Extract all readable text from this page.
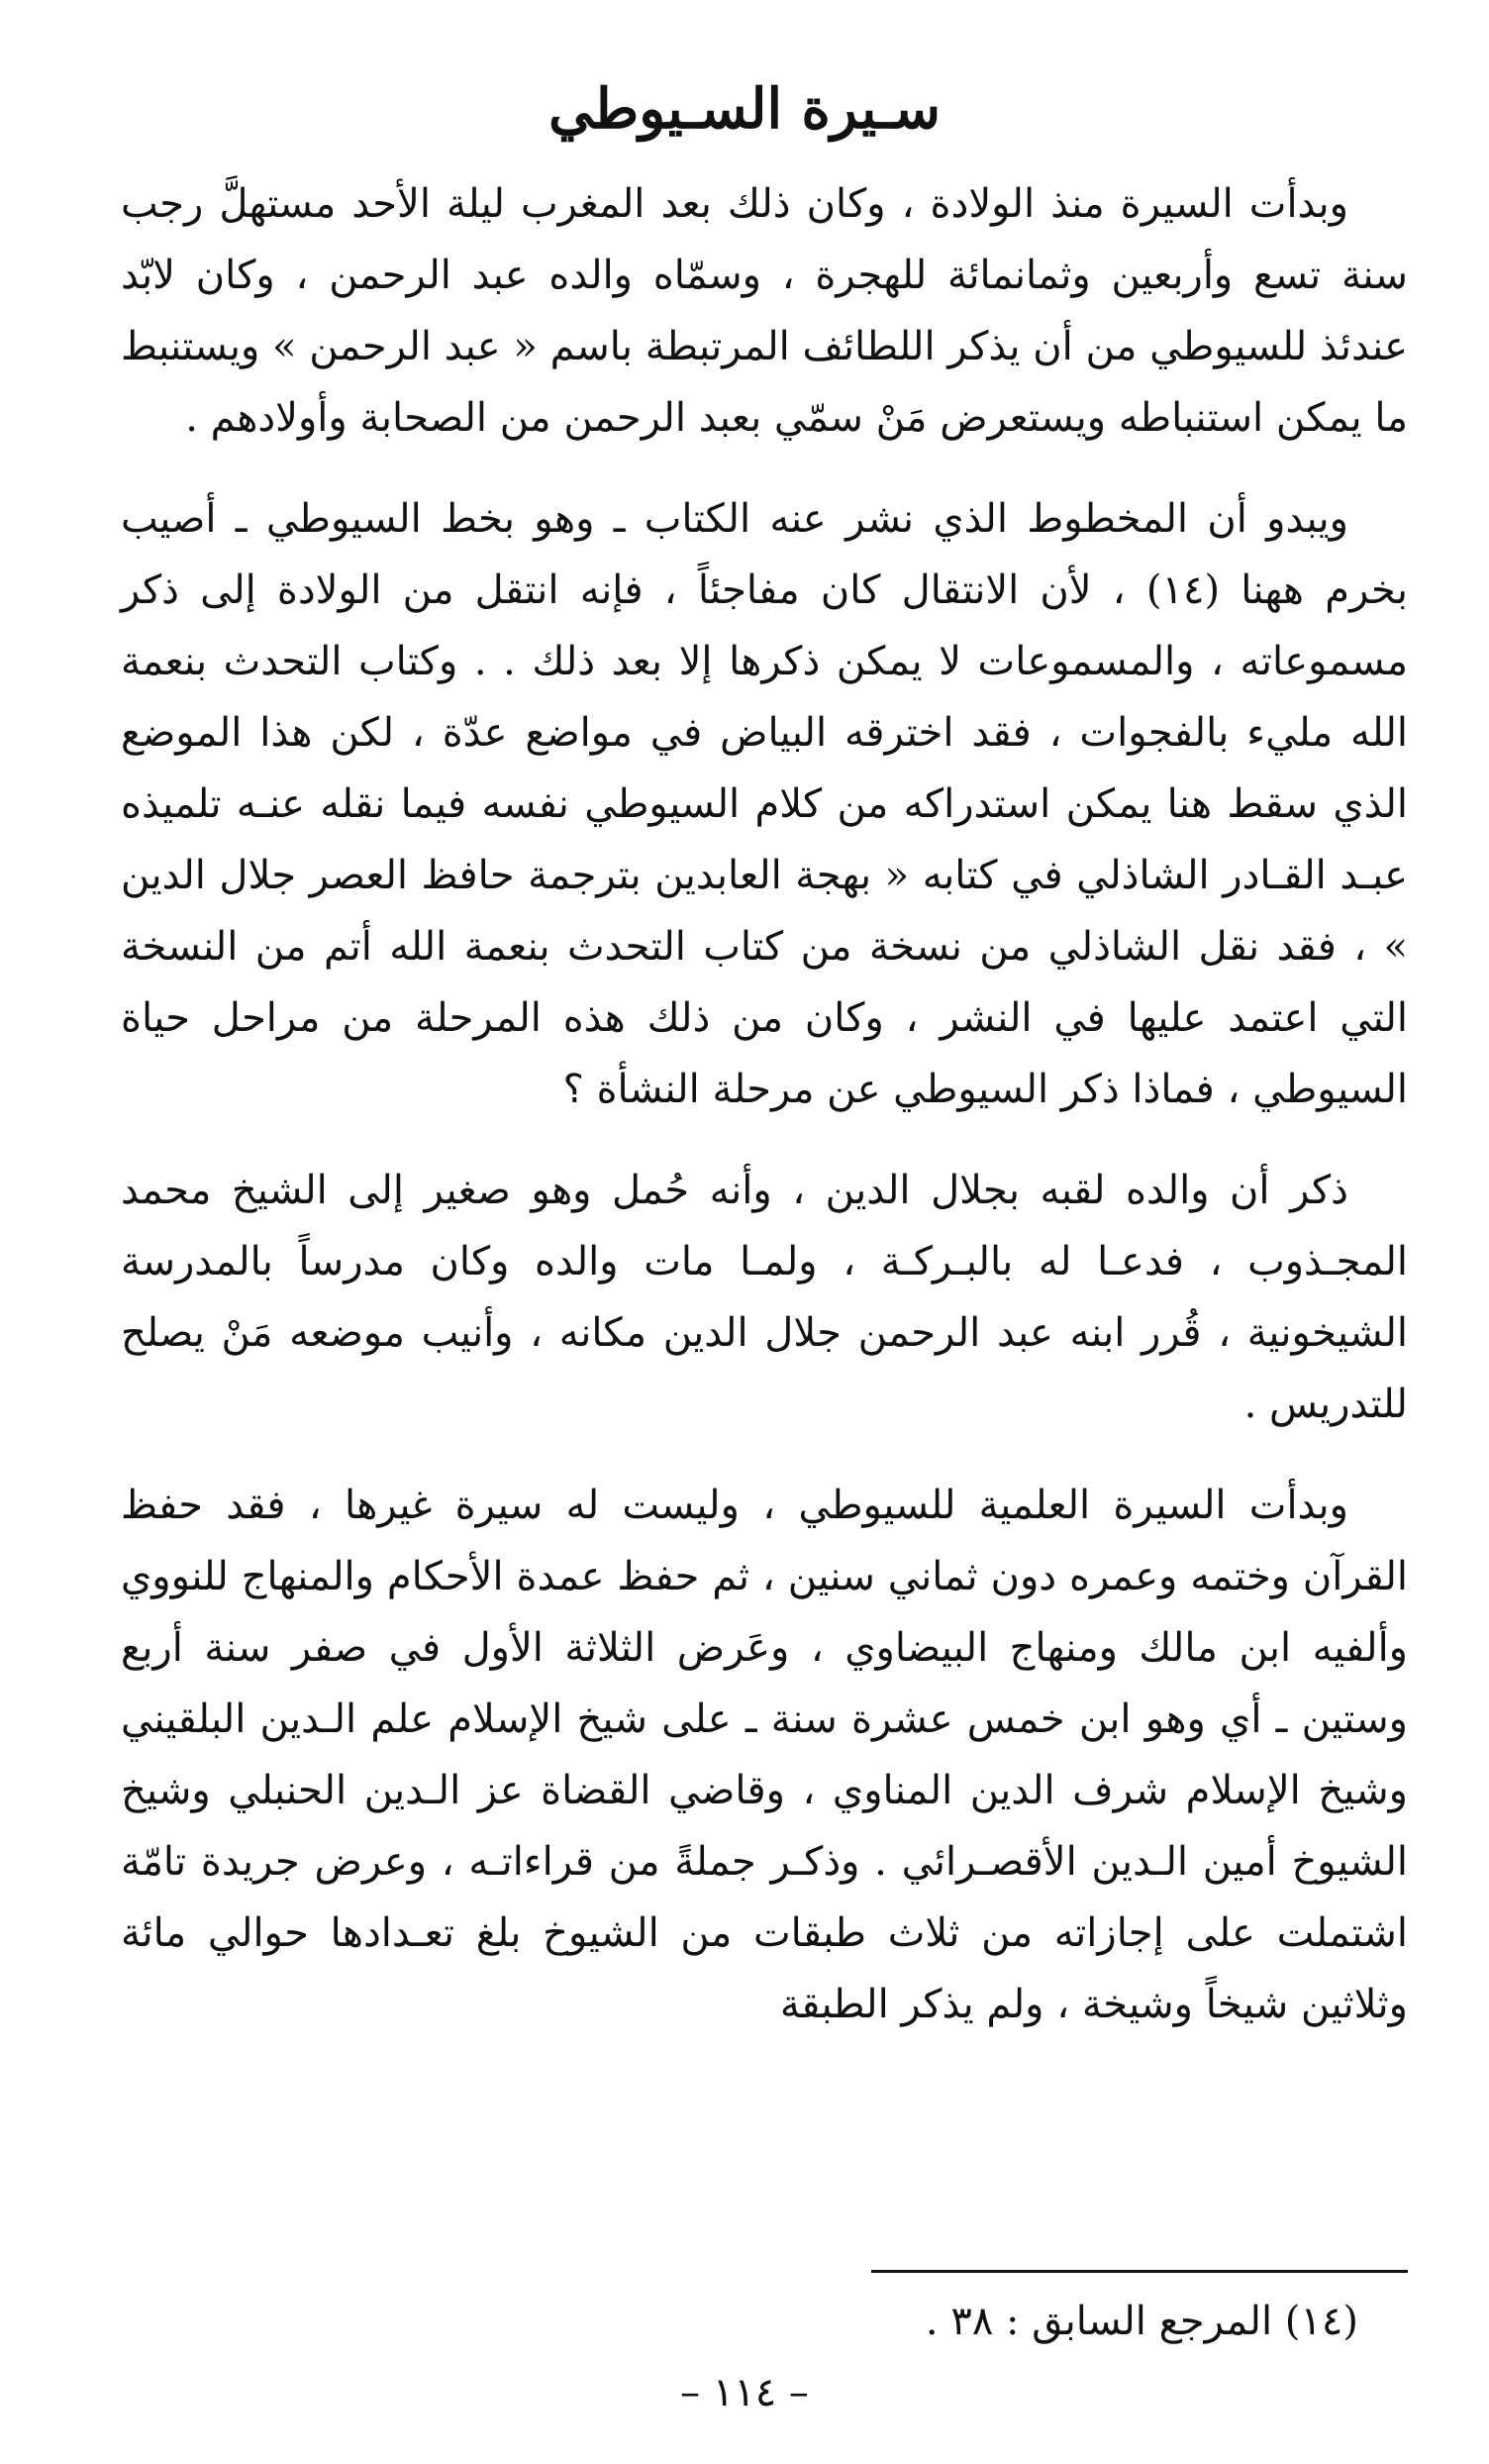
سـيرة السـيوطي

وبدأت السيرة منذ الولادة ، وكان ذلك بعد المغرب ليلة الأحد مستهلَّ رجب سنة تسع وأربعين وثمانمائة للهجرة ، وسمّاه والده عبد الرحمن ، وكان لابّد عندئذ للسيوطي من أن يذكر اللطائف المرتبطة باسم « عبد الرحمن » ويستنبط ما يمكن استنباطه ويستعرض مَنْ سمّي بعبد الرحمن من الصحابة وأولادهم .

ويبدو أن المخطوط الذي نشر عنه الكتاب ـ وهو بخط السيوطي ـ أصيب بخرم ههنا (١٤) ، لأن الانتقال كان مفاجئاً ، فإنه انتقل من الولادة إلى ذكر مسموعاته ، والمسموعات لا يمكن ذكرها إلا بعد ذلك . . وكتاب التحدث بنعمة الله مليء بالفجوات ، فقد اخترقه البياض في مواضع عدّة ، لكن هذا الموضع الذي سقط هنا يمكن استدراكه من كلام السيوطي نفسه فيما نقله عنـه تلميذه عبـد القـادر الشاذلي في كتابه « بهجة العابدين بترجمة حافظ العصر جلال الدين » ، فقد نقل الشاذلي من نسخة من كتاب التحدث بنعمة الله أتم من النسخة التي اعتمد عليها في النشر ، وكان من ذلك هذه المرحلة من مراحل حياة السيوطي ، فماذا ذكر السيوطي عن مرحلة النشأة ؟

ذكر أن والده لقبه بجلال الدين ، وأنه حُمل وهو صغير إلى الشيخ محمد المجـذوب ، فدعـا له بالبـركـة ، ولمـا مات والده وكان مدرساً بالمدرسة الشيخونية ، قُرر ابنه عبد الرحمن جلال الدين مكانه ، وأنيب موضعه مَنْ يصلح للتدريس .

وبدأت السيرة العلمية للسيوطي ، وليست له سيرة غيرها ، فقد حفظ القرآن وختمه وعمره دون ثماني سنين ، ثم حفظ عمدة الأحكام والمنهاج للنووي وألفيه ابن مالك ومنهاج البيضاوي ، وعَرض الثلاثة الأول في صفر سنة أربع وستين ـ أي وهو ابن خمس عشرة سنة ـ على شيخ الإسلام علم الـدين البلقيني وشيخ الإسلام شرف الدين المناوي ، وقاضي القضاة عز الـدين الحنبلي وشيخ الشيوخ أمين الـدين الأقصـرائي . وذكـر جملةً من قراءاتـه ، وعرض جريدة تامّة اشتملت على إجازاته من ثلاث طبقات من الشيوخ بلغ تعـدادها حوالي مائة وثلاثين شيخاً وشيخة ، ولم يذكر الطبقة

(١٤) المرجع السابق : ٣٨ .
– ١١٤ –
